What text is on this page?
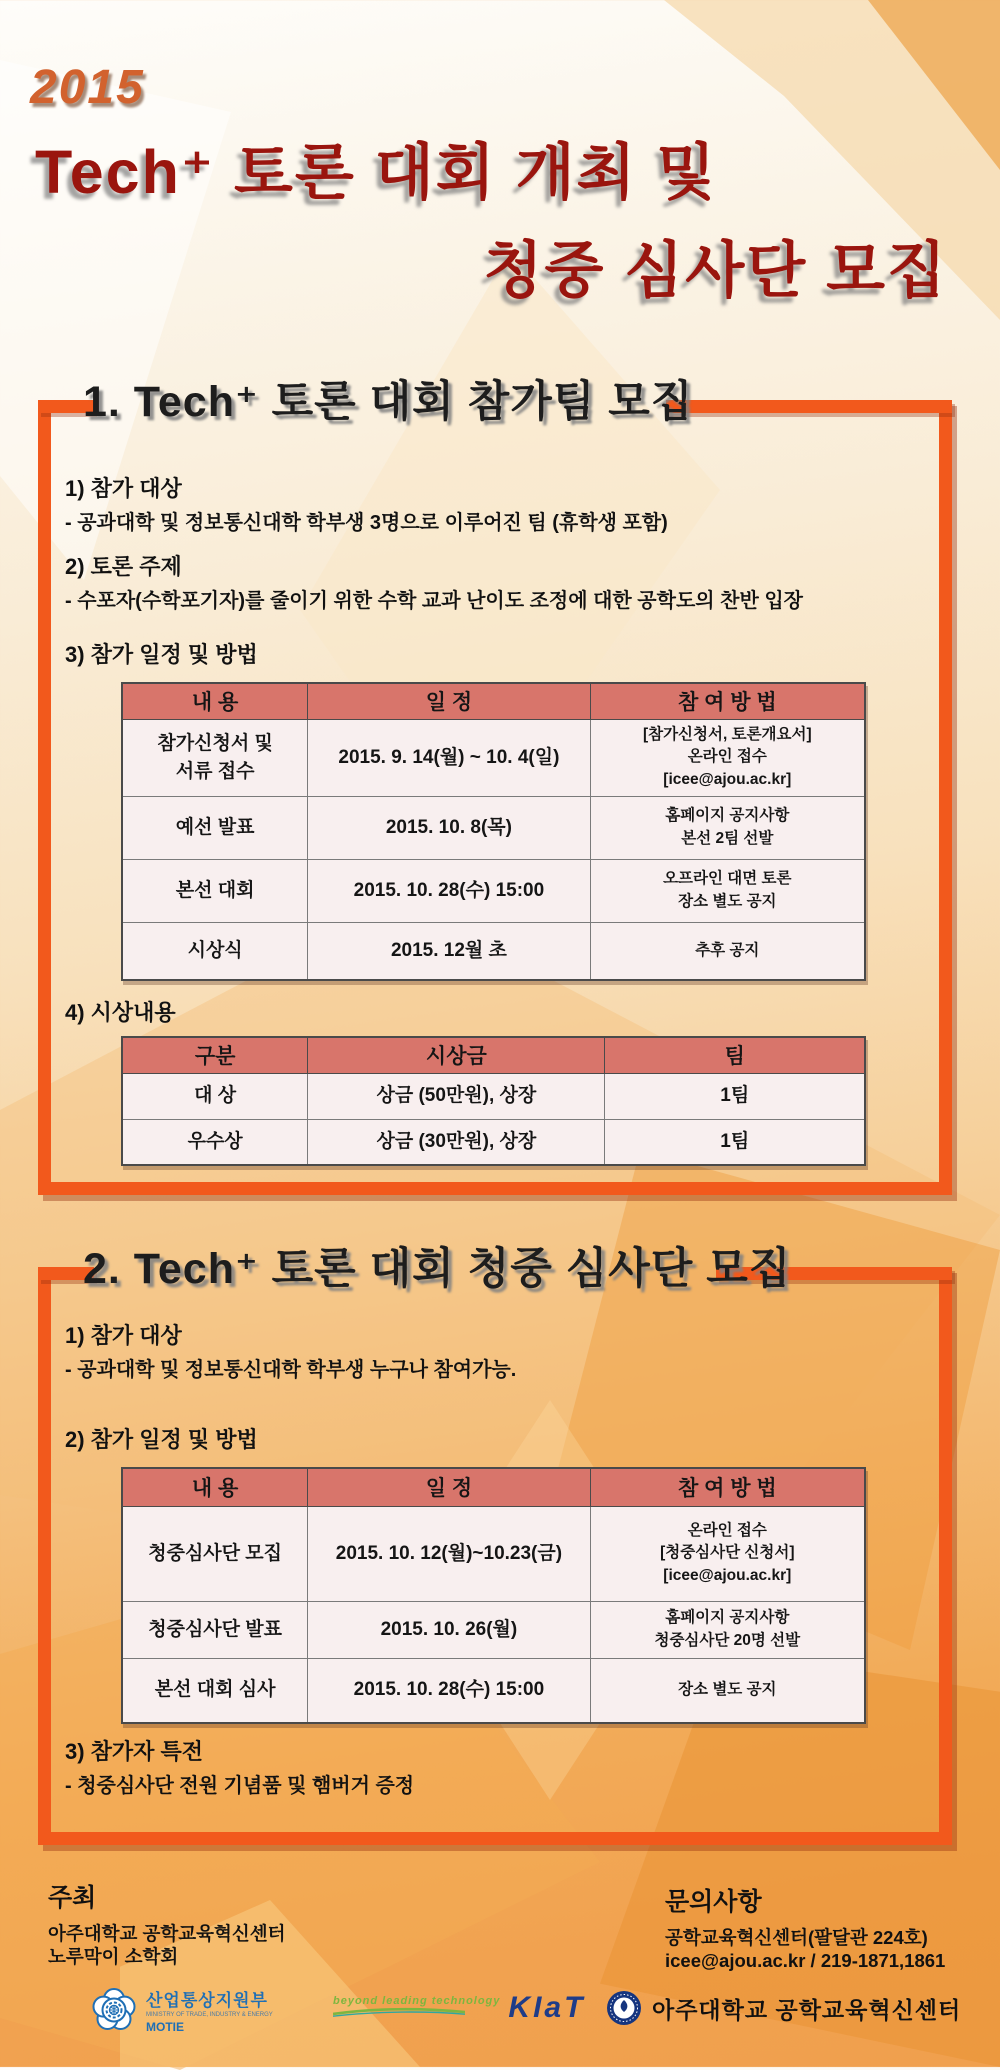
2015
Tech⁺ 토론 대회 개최 및
청중 심사단 모집
1. Tech⁺ 토론 대회 참가팀 모집
1) 참가 대상
- 공과대학 및 정보통신대학 학부생 3명으로 이루어진 팀 (휴학생 포함)
2) 토론 주제
- 수포자(수학포기자)를 줄이기 위한 수학 교과 난이도 조정에 대한 공학도의 찬반 입장
3) 참가 일정 및 방법
내 용	일 정	참 여 방 법
참가신청서 및
서류 접수	2015. 9. 14(월) ~ 10. 4(일)	[참가신청서, 토론개요서]
온라인 접수
[icee@ajou.ac.kr]
예선 발표	2015. 10. 8(목)	홈페이지 공지사항
본선 2팀 선발
본선 대회	2015. 10. 28(수) 15:00	오프라인 대면 토론
장소 별도 공지
시상식	2015. 12월 초	추후 공지
4) 시상내용
구분	시상금	팀
대 상	상금 (50만원), 상장	1팀
우수상	상금 (30만원), 상장	1팀
2. Tech⁺ 토론 대회 청중 심사단 모집
1) 참가 대상
- 공과대학 및 정보통신대학 학부생 누구나 참여가능.
2) 참가 일정 및 방법
내 용	일 정	참 여 방 법
청중심사단 모집	2015. 10. 12(월)~10.23(금)	온라인 접수
[청중심사단 신청서]
[icee@ajou.ac.kr]
청중심사단 발표	2015. 10. 26(월)	홈페이지 공지사항
청중심사단 20명 선발
본선 대회 심사	2015. 10. 28(수) 15:00	장소 별도 공지
3) 참가자 특전
- 청중심사단 전원 기념품 및 햄버거 증정
주최
아주대학교 공학교육혁신센터
노루막이 소학회
문의사항
공학교육혁신센터(팔달관 224호)
icee@ajou.ac.kr / 219-1871,1861
산업통상지원부
MINISTRY OF TRADE, INDUSTRY & ENERGY
MOTIE
beyond leading technology KIaT	아주대학교 공학교육혁신센터
